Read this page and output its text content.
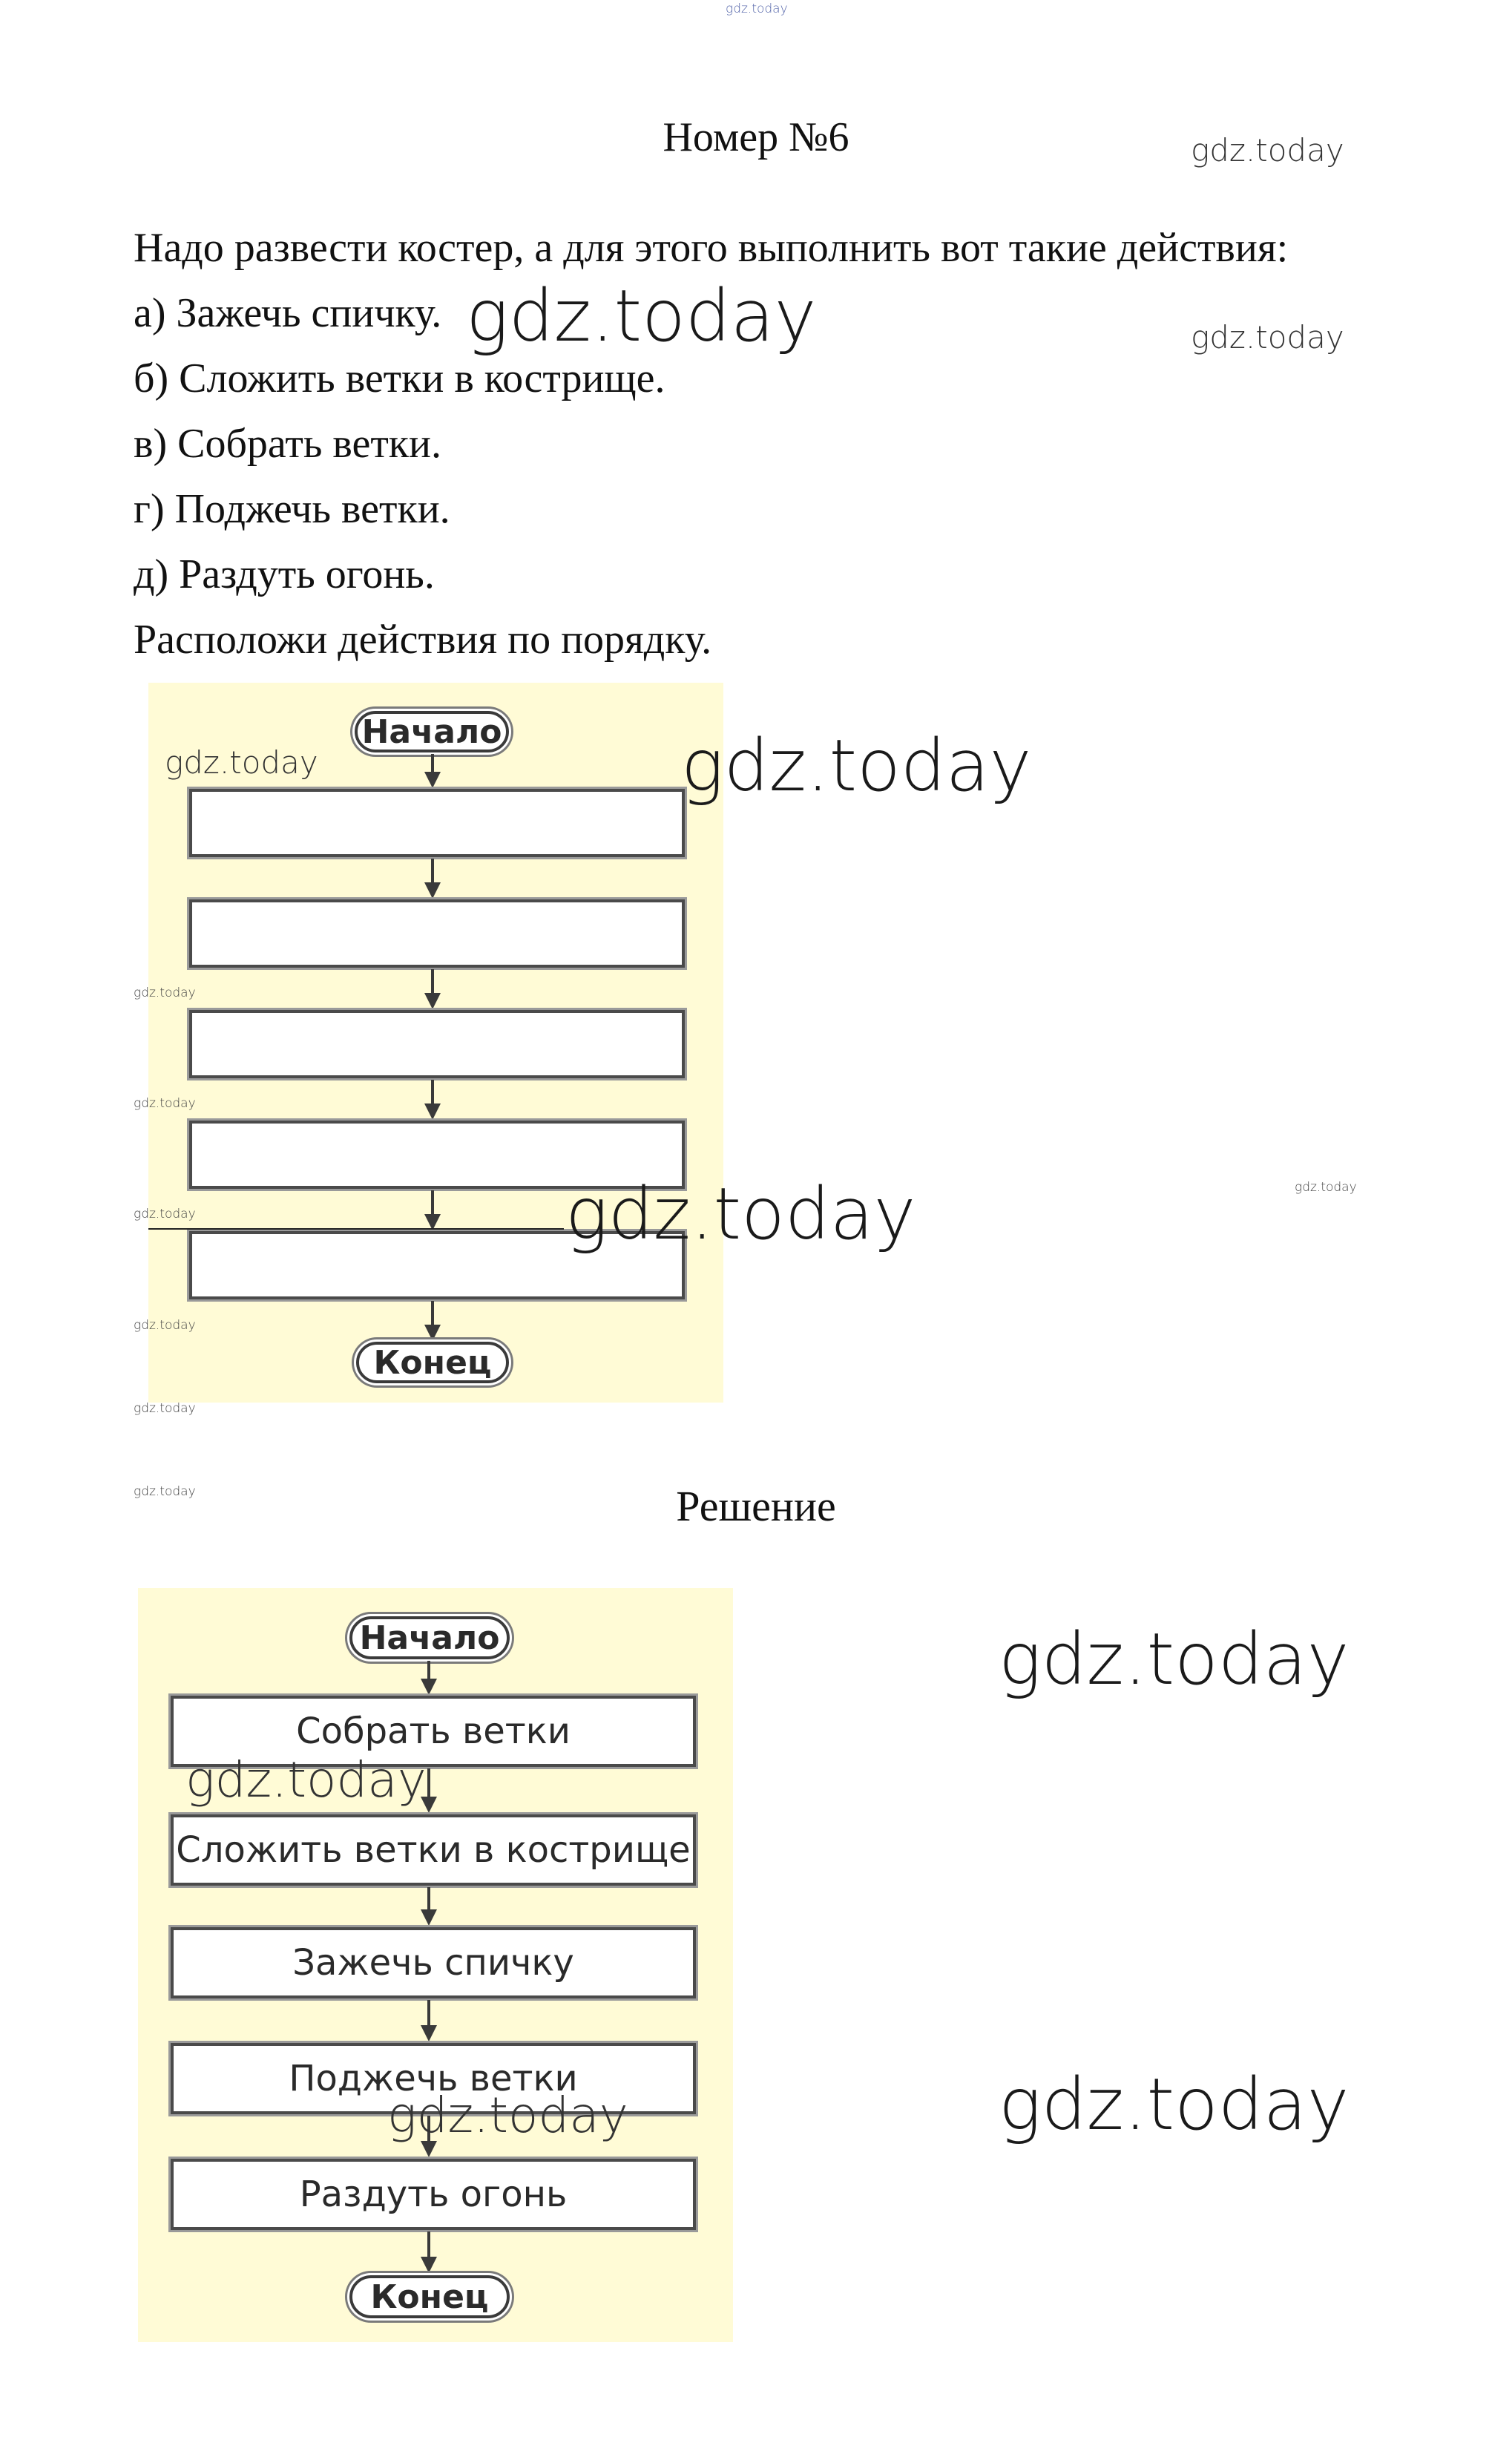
gdz.today
Номер №6
Надо развести костер, а для этого выполнить вот такие действия:
а) Зажечь спичку.
б) Сложить ветки в кострище.
в) Собрать ветки.
г) Поджечь ветки.
д) Раздуть огонь.
Расположи действия по порядку.
Начало
Конец
Решение
Начало
Собрать ветки
Сложить ветки в кострище
Зажечь спичку
Поджечь ветки
Раздуть огонь
Конец
gdz.today
gdz.today	gdz.today
gdz.today	gdz.today
gdz.today
gdz.today
gdz.today
gdz.today	gdz.today
gdz.today
gdz.today
gdz.today
gdz.today
gdz.today
gdz.today	gdz.today
